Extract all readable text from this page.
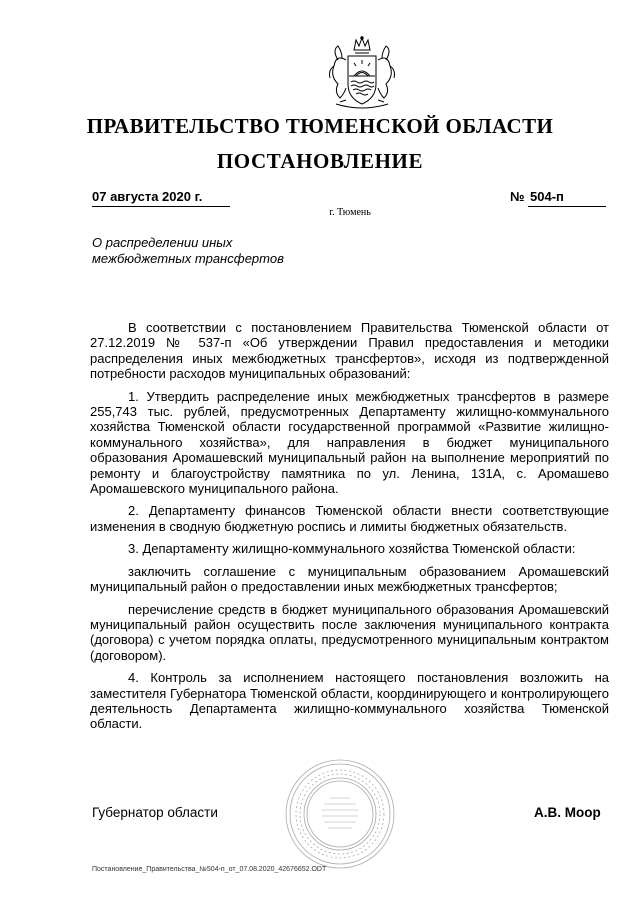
ПРАВИТЕЛЬСТВО ТЮМЕНСКОЙ ОБЛАСТИ
ПОСТАНОВЛЕНИЕ
07 августа 2020 г.	№ 504-п
г. Тюмень
О распределении иных
межбюджетных трансфертов

В соответствии с постановлением Правительства Тюменской области от 27.12.2019 № 537-п «Об утверждении Правил предоставления и методики распределения иных межбюджетных трансфертов», исходя из подтвержденной потребности расходов муниципальных образований:

1. Утвердить распределение иных межбюджетных трансфертов в размере 255,743 тыс. рублей, предусмотренных Департаменту жилищно-коммунального хозяйства Тюменской области государственной программой «Развитие жилищно-коммунального хозяйства», для направления в бюджет муниципального образования Аромашевский муниципальный район на выполнение мероприятий по ремонту и благоустройству памятника по ул. Ленина, 131А, с. Аромашево Аромашевского муниципального района.

2. Департаменту финансов Тюменской области внести соответствующие изменения в сводную бюджетную роспись и лимиты бюджетных обязательств.

3. Департаменту жилищно-коммунального хозяйства Тюменской области:

заключить соглашение с муниципальным образованием Аромашевский муниципальный район о предоставлении иных межбюджетных трансфертов;

перечисление средств в бюджет муниципального образования Аромашевский муниципальный район осуществить после заключения муниципального контракта (договора) с учетом порядка оплаты, предусмотренного муниципальным контрактом (договором).

4. Контроль за исполнением настоящего постановления возложить на заместителя Губернатора Тюменской области, координирующего и контролирующего деятельность Департамента жилищно-коммунального хозяйства Тюменской области.

Губернатор области	А.В. Моор
Постановление_Правительства_№504-п_от_07.08.2020_42676652.ODT
